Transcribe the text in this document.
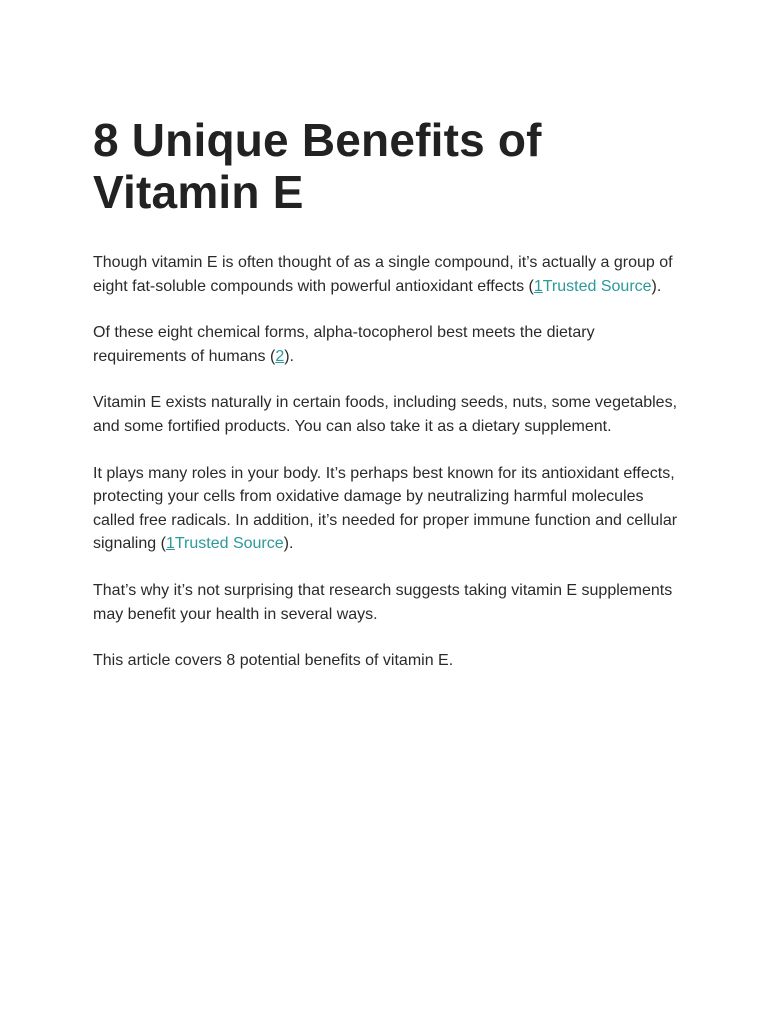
8 Unique Benefits of Vitamin E

Though vitamin E is often thought of as a single compound, it’s actually a group of eight fat-soluble compounds with powerful antioxidant effects (1Trusted Source).

Of these eight chemical forms, alpha-tocopherol best meets the dietary requirements of humans (2).

Vitamin E exists naturally in certain foods, including seeds, nuts, some vegetables, and some fortified products. You can also take it as a dietary supplement.

It plays many roles in your body. It’s perhaps best known for its antioxidant effects, protecting your cells from oxidative damage by neutralizing harmful molecules called free radicals. In addition, it’s needed for proper immune function and cellular signaling (1Trusted Source).

That’s why it’s not surprising that research suggests taking vitamin E supplements may benefit your health in several ways.

This article covers 8 potential benefits of vitamin E.
